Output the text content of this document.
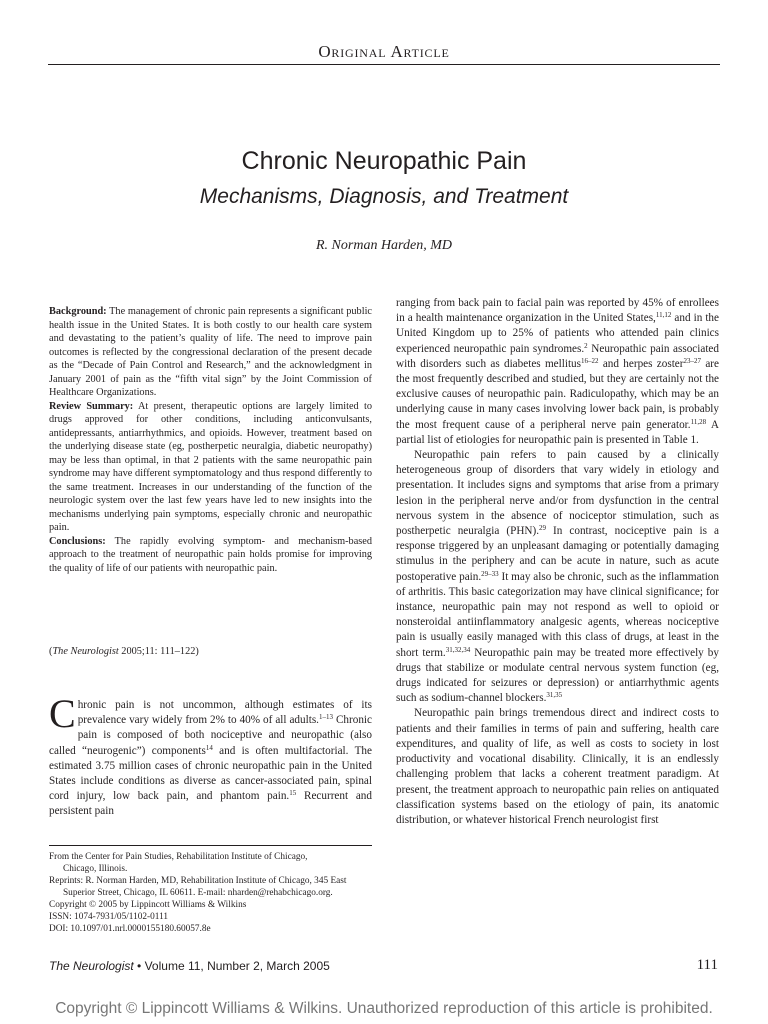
Original Article
Chronic Neuropathic Pain
Mechanisms, Diagnosis, and Treatment
R. Norman Harden, MD

Background: The management of chronic pain represents a significant public health issue in the United States. It is both costly to our health care system and devastating to the patient’s quality of life. The need to improve pain outcomes is reflected by the congressional declaration of the present decade as the “Decade of Pain Control and Research,” and the acknowledgment in January 2001 of pain as the “fifth vital sign” by the Joint Commission of Healthcare Organizations.

Review Summary: At present, therapeutic options are largely limited to drugs approved for other conditions, including anticonvulsants, antidepressants, antiarrhythmics, and opioids. However, treatment based on the underlying disease state (eg, postherpetic neuralgia, diabetic neuropathy) may be less than optimal, in that 2 patients with the same neuropathic pain syndrome may have different symptomatology and thus respond differently to the same treatment. Increases in our understanding of the function of the neurologic system over the last few years have led to new insights into the mechanisms underlying pain symptoms, especially chronic and neuropathic pain.

Conclusions: The rapidly evolving symptom- and mechanism-based approach to the treatment of neuropathic pain holds promise for improving the quality of life of our patients with neuropathic pain.

(The Neurologist 2005;11: 111–122)
Chronic pain is not uncommon, although estimates of its prevalence vary widely from 2% to 40% of all adults.$^{1-13}$ Chronic pain is composed of both nociceptive and neuropathic (also called “neurogenic”) components$^{14}$ and is often multifactorial. The estimated 3.75 million cases of chronic neuropathic pain in the United States include conditions as diverse as cancer-associated pain, spinal cord injury, low back pain, and phantom pain.$^{15}$ Recurrent and persistent pain
From the Center for Pain Studies, Rehabilitation Institute of Chicago,
Chicago, Illinois.
Reprints: R. Norman Harden, MD, Rehabilitation Institute of Chicago, 345 East
Superior Street, Chicago, IL 60611. E-mail: nharden@rehabchicago.org.
Copyright © 2005 by Lippincott Williams & Wilkins
ISSN: 1074-7931/05/1102-0111
DOI: 10.1097/01.nrl.0000155180.60057.8e

ranging from back pain to facial pain was reported by 45% of enrollees in a health maintenance organization in the United States,$^{11,12}$ and in the United Kingdom up to 25% of patients who attended pain clinics experienced neuropathic pain syndromes.$^2$ Neuropathic pain associated with disorders such as diabetes mellitus$^{16-22}$ and herpes zoster$^{23-27}$ are the most frequently described and studied, but they are certainly not the exclusive causes of neuropathic pain. Radiculopathy, which may be an underlying cause in many cases involving lower back pain, is probably the most frequent cause of a peripheral nerve pain generator.$^{11,28}$ A partial list of etiologies for neuropathic pain is presented in Table 1.

Neuropathic pain refers to pain caused by a clinically heterogeneous group of disorders that vary widely in etiology and presentation. It includes signs and symptoms that arise from a primary lesion in the peripheral nerve and/or from dysfunction in the central nervous system in the absence of nociceptor stimulation, such as postherpetic neuralgia (PHN).$^{29}$ In contrast, nociceptive pain is a response triggered by an unpleasant damaging or potentially damaging stimulus in the periphery and can be acute in nature, such as acute postoperative pain.$^{29-33}$ It may also be chronic, such as the inflammation of arthritis. This basic categorization may have clinical significance; for instance, neuropathic pain may not respond as well to opioid or nonsteroidal antiinflammatory analgesic agents, whereas nociceptive pain is usually easily managed with this class of drugs, at least in the short term.$^{31,32,34}$ Neuropathic pain may be treated more effectively by drugs that stabilize or modulate central nervous system function (eg, drugs indicated for seizures or depression) or antiarrhythmic agents such as sodium-channel blockers.$^{31,35}$

Neuropathic pain brings tremendous direct and indirect costs to patients and their families in terms of pain and suffering, health care expenditures, and quality of life, as well as costs to society in lost productivity and vocational disability. Clinically, it is an endlessly challenging problem that lacks a coherent treatment paradigm. At present, the treatment approach to neuropathic pain relies on antiquated classification systems based on the etiology of pain, its anatomic distribution, or whatever historical French neurologist first

The Neurologist • Volume 11, Number 2, March 2005	111
Copyright © Lippincott Williams & Wilkins. Unauthorized reproduction of this article is prohibited.
